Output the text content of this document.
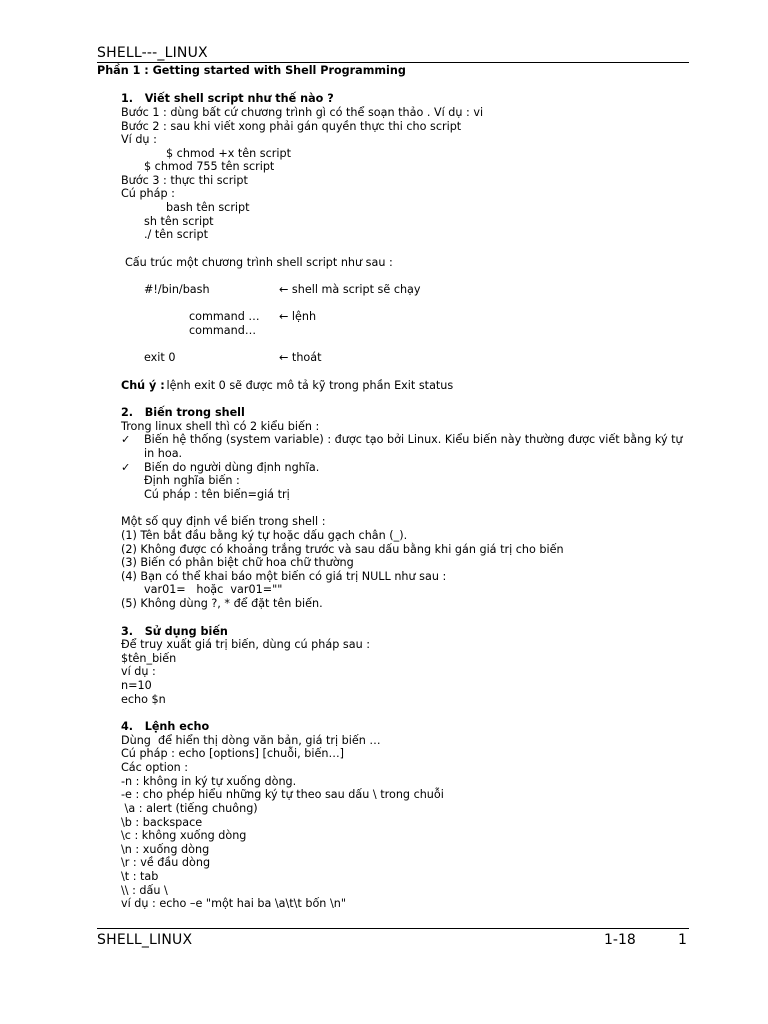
SHELL---_LINUX
Phần 1 : Getting started with Shell Programming
1.   Viết shell script như thế nào ?
Bước 1 : dùng bất cứ chương trình gì có thể soạn thảo . Ví dụ : vi
Bước 2 : sau khi viết xong phải gán quyền thực thi cho script
Ví dụ :
$ chmod +x tên script
$ chmod 755 tên script
Bước 3 : thực thi script
Cú pháp :
bash tên script
sh tên script
./ tên script
Cấu trúc một chương trình shell script như sau :
#!/bin/bash	← shell mà script sẽ chạy
command … ← lệnh
command…
exit 0	← thoát
Chú ý :
lệnh exit 0 sẽ được mô tả kỹ trong phần Exit status
2.   Biến trong shell
Trong linux shell thì có 2 kiểu biến :
✓ Biến hệ thống (system variable) : được tạo bởi Linux. Kiểu biến này thường được viết bằng ký tự
in hoa.
✓ Biến do người dùng định nghĩa.
Định nghĩa biến :
Cú pháp : tên biến=giá trị
Một số quy định về biến trong shell :
(1) Tên bắt đầu bằng ký tự hoặc dấu gạch chân (_).
(2) Không được có khoảng trắng trước và sau dấu bằng khi gán giá trị cho biến
(3) Biến có phân biệt chữ hoa chữ thường
(4) Bạn có thể khai báo một biến có giá trị NULL như sau :
var01=   hoặc  var01=""
(5) Không dùng ?, * để đặt tên biến.
3.   Sử dụng biến
Để truy xuất giá trị biến, dùng cú pháp sau :
$tên_biến
ví dụ :
n=10
echo $n
4.   Lệnh echo
Dùng  để hiển thị dòng văn bản, giá trị biến …
Cú pháp : echo [options] [chuỗi, biến…]
Các option :
-n : không in ký tự xuống dòng.
-e : cho phép hiểu những ký tự theo sau dấu \ trong chuỗi
\a : alert (tiếng chuông)
\b : backspace
\c : không xuống dòng
\n : xuống dòng
\r : về đầu dòng
\t : tab
\\ : dấu \
ví dụ : echo –e "một hai ba \a\t\t bốn \n"
SHELL_LINUX	1-18	1
